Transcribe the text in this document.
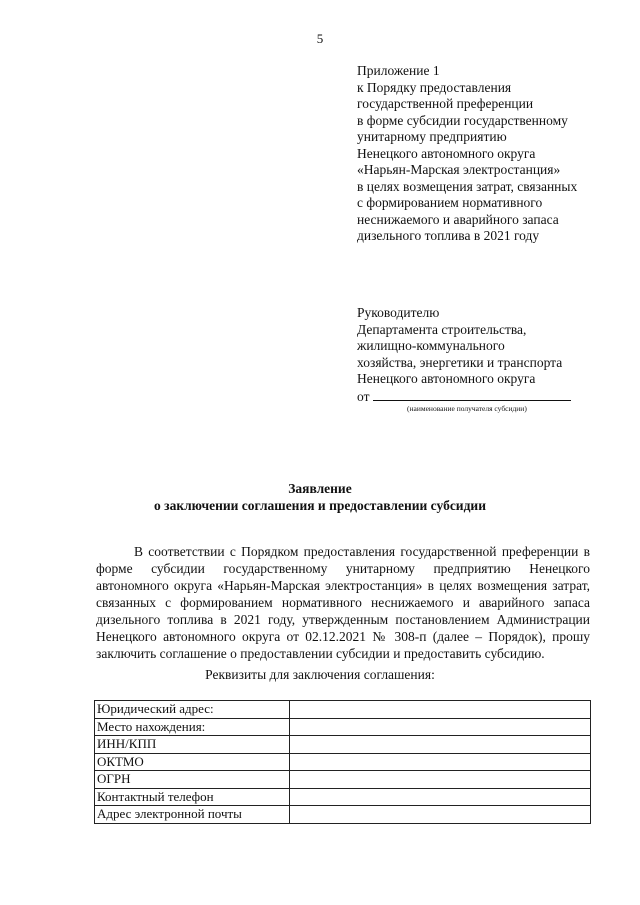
5
Приложение 1
к Порядку предоставления
государственной преференции
в форме субсидии государственному
унитарному предприятию
Ненецкого автономного округа
«Нарьян-Марская электростанция»
в целях возмещения затрат, связанных
с формированием нормативного
неснижаемого и аварийного запаса
дизельного топлива в 2021 году
Руководителю
Департамента строительства,
жилищно-коммунального
хозяйства, энергетики и транспорта
Ненецкого автономного округа
от
(наименование получателя субсидии)
Заявление
о заключении соглашения и предоставлении субсидии
В соответствии с Порядком предоставления государственной преференции в форме субсидии государственному унитарному предприятию Ненецкого автономного округа «Нарьян-Марская электростанция» в целях возмещения затрат, связанных с формированием нормативного неснижаемого и аварийного запаса дизельного топлива в 2021 году, утвержденным постановлением Администрации Ненецкого автономного округа от 02.12.2021 № 308-п (далее – Порядок), прошу заключить соглашение о предоставлении субсидии и предоставить субсидию.
Реквизиты для заключения соглашения:
Юридический адрес:	
Место нахождения:	
ИНН/КПП	
ОКТМО	
ОГРН	
Контактный телефон	
Адрес электронной почты	
